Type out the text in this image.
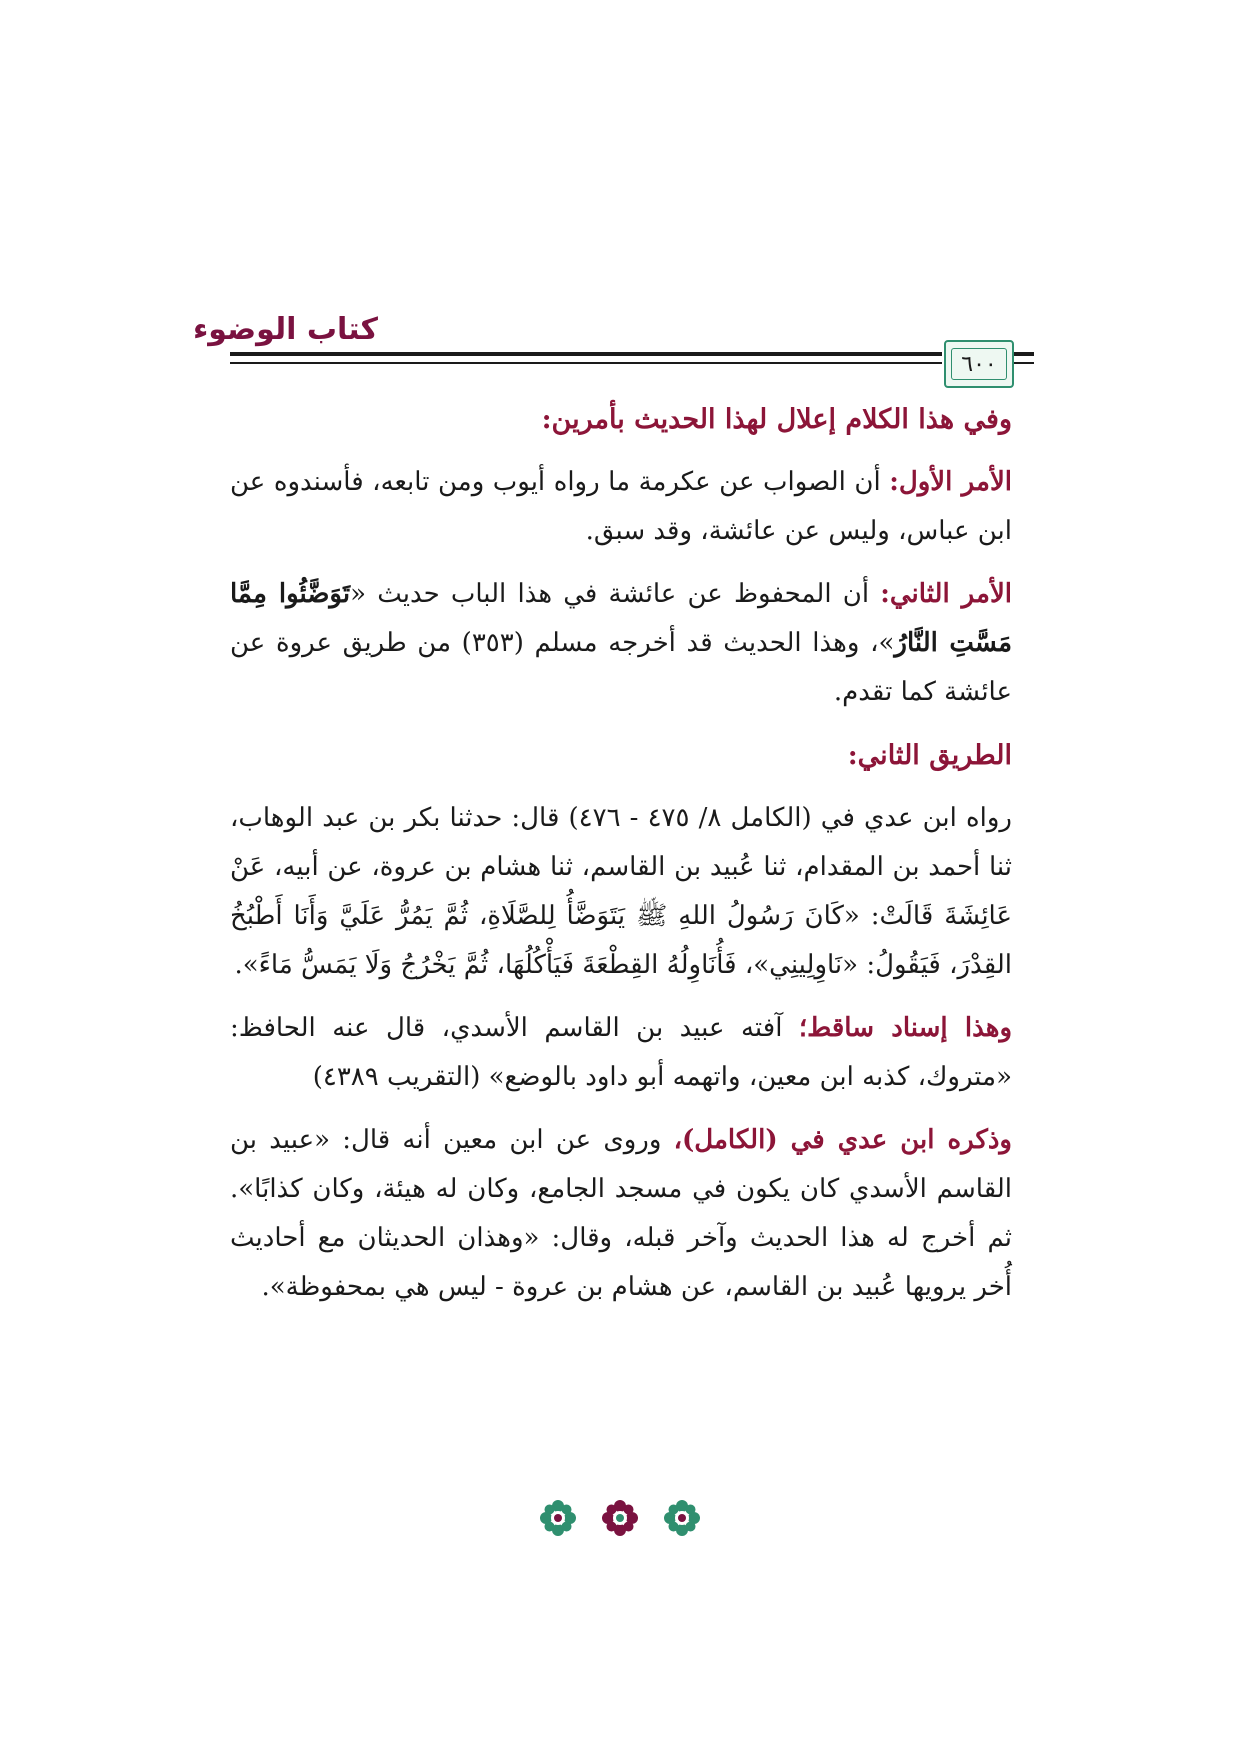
كتاب الوضوء
٦٠٠
وفي هذا الكلام إعلال لهذا الحديث بأمرين:

الأمر الأول: أن الصواب عن عكرمة ما رواه أيوب ومن تابعه، فأسندوه عن ابن عباس، وليس عن عائشة، وقد سبق.

الأمر الثاني: أن المحفوظ عن عائشة في هذا الباب حديث «تَوَضَّئُوا مِمَّا مَسَّتِ النَّارُ»، وهذا الحديث قد أخرجه مسلم (٣٥٣) من طريق عروة عن عائشة كما تقدم.

الطريق الثاني:

رواه ابن عدي في (الكامل ٨/ ٤٧٥ - ٤٧٦) قال: حدثنا بكر بن عبد الوهاب، ثنا أحمد بن المقدام، ثنا عُبيد بن القاسم، ثنا هشام بن عروة، عن أبيه، عَنْ عَائِشَةَ قَالَتْ: «كَانَ رَسُولُ اللهِ ﷺ يَتَوَضَّأُ لِلصَّلَاةِ، ثُمَّ يَمُرُّ عَلَيَّ وَأَنَا أَطْبُخُ القِدْرَ، فَيَقُولُ: «نَاوِلِينِي»، فَأُنَاوِلُهُ القِطْعَةَ فَيَأْكُلُهَا، ثُمَّ يَخْرُجُ وَلَا يَمَسُّ مَاءً».

وهذا إسناد ساقط؛ آفته عبيد بن القاسم الأسدي، قال عنه الحافظ: «متروك، كذبه ابن معين، واتهمه أبو داود بالوضع» (التقريب ٤٣٨٩)

وذكره ابن عدي في (الكامل)، وروى عن ابن معين أنه قال: «عبيد بن القاسم الأسدي كان يكون في مسجد الجامع، وكان له هيئة، وكان كذابًا». ثم أخرج له هذا الحديث وآخر قبله، وقال: «وهذان الحديثان مع أحاديث أُخر يرويها عُبيد بن القاسم، عن هشام بن عروة - ليس هي بمحفوظة».
